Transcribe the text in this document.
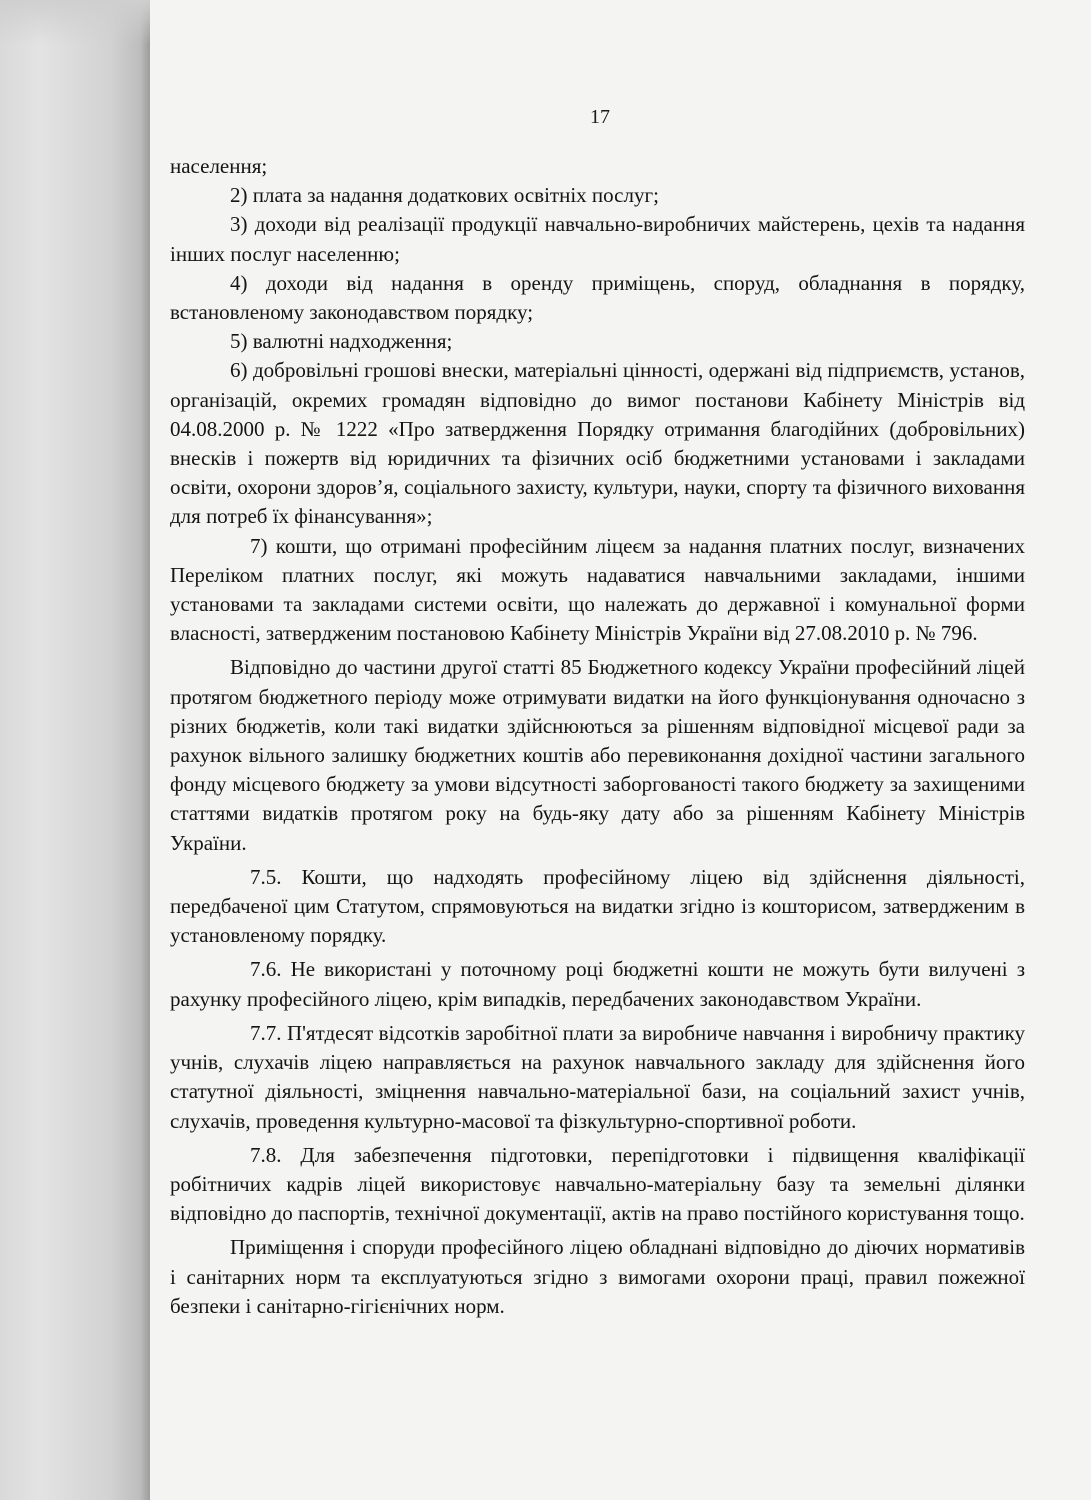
17

населення;

2) плата за надання додаткових освітніх послуг;

3) доходи від реалізації продукції навчально-виробничих майстерень, цехів та надання інших послуг населенню;

4) доходи від надання в оренду приміщень, споруд, обладнання в порядку, встановленому законодавством порядку;

5) валютні надходження;

6) добровільні грошові внески, матеріальні цінності, одержані від підприємств, установ, організацій, окремих громадян відповідно до вимог постанови Кабінету Міністрів від 04.08.2000 р. № 1222 «Про затвердження Порядку отримання благодійних (добровільних) внесків і пожертв від юридичних та фізичних осіб бюджетними установами і закладами освіти, охорони здоров’я, соціального захисту, культури, науки, спорту та фізичного виховання для потреб їх фінансування»;

7) кошти, що отримані професійним ліцеєм за надання платних послуг, визначених Переліком платних послуг, які можуть надаватися навчальними закладами, іншими установами та закладами системи освіти, що належать до державної і комунальної форми власності, затвердженим постановою Кабінету Міністрів України від 27.08.2010 р. № 796.

Відповідно до частини другої статті 85 Бюджетного кодексу України професійний ліцей протягом бюджетного періоду може отримувати видатки на його функціонування одночасно з різних бюджетів, коли такі видатки здійснюються за рішенням відповідної місцевої ради за рахунок вільного залишку бюджетних коштів або перевиконання дохідної частини загального фонду місцевого бюджету за умови відсутності заборгованості такого бюджету за захищеними статтями видатків протягом року на будь-яку дату або за рішенням Кабінету Міністрів України.

7.5. Кошти, що надходять професійному ліцею від здійснення діяльності, передбаченої цим Статутом, спрямовуються на видатки згідно із кошторисом, затвердженим в установленому порядку.

7.6. Не використані у поточному році бюджетні кошти не можуть бути вилучені з рахунку професійного ліцею, крім випадків, передбачених законодавством України.

7.7. П'ятдесят відсотків заробітної плати за виробниче навчання і виробничу практику учнів, слухачів ліцею направляється на рахунок навчального закладу для здійснення його статутної діяльності, зміцнення навчально-матеріальної бази, на соціальний захист учнів, слухачів, проведення культурно-масової та фізкультурно-спортивної роботи.

7.8. Для забезпечення підготовки, перепідготовки і підвищення кваліфікації робітничих кадрів ліцей використовує навчально-матеріальну базу та земельні ділянки відповідно до паспортів, технічної документації, актів на право постійного користування тощо.

Приміщення і споруди професійного ліцею обладнані відповідно до діючих нормативів і санітарних норм та експлуатуються згідно з вимогами охорони праці, правил пожежної безпеки і санітарно-гігієнічних норм.
